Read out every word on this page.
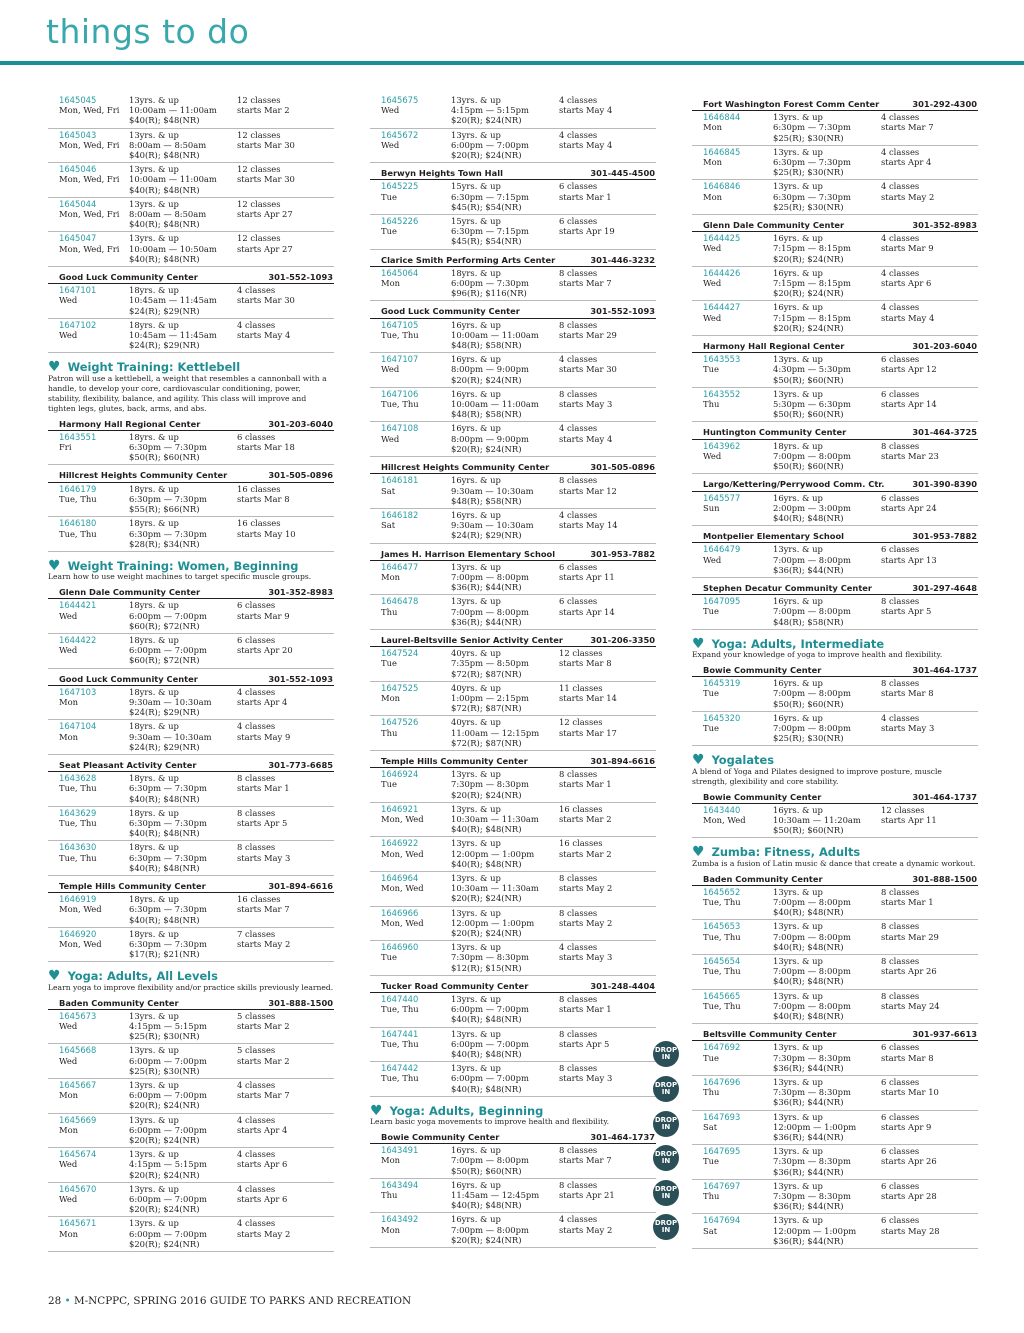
things to do
1645045
Mon, Wed, Fri
13yrs. & up
10:00am — 11:00am
$40(R); $48(NR)
12 classes
starts Mar 2
1645043
Mon, Wed, Fri
13yrs. & up
8:00am — 8:50am
$40(R); $48(NR)
12 classes
starts Mar 30
1645046
Mon, Wed, Fri
13yrs. & up
10:00am — 11:00am
$40(R); $48(NR)
12 classes
starts Mar 30
1645044
Mon, Wed, Fri
13yrs. & up
8:00am — 8:50am
$40(R); $48(NR)
12 classes
starts Apr 27
1645047
Mon, Wed, Fri
13yrs. & up
10:00am — 10:50am
$40(R); $48(NR)
12 classes
starts Apr 27
Good Luck Community Center	301-552-1093
1647101
Wed
18yrs. & up
10:45am — 11:45am
$24(R); $29(NR)
4 classes
starts Mar 30
1647102
Wed
18yrs. & up
10:45am — 11:45am
$24(R); $29(NR)
4 classes
starts May 4
♥ Weight Training: Kettlebell
Patron will use a kettlebell, a weight that resembles a cannonball with a handle, to develop your core, cardiovascular conditioning, power, stability, flexibility, balance, and agility. This class will improve and tighten legs, glutes, back, arms, and abs.
Harmony Hall Regional Center	301-203-6040
1643551
Fri
18yrs. & up
6:30pm — 7:30pm
$50(R); $60(NR)
6 classes
starts Mar 18
Hillcrest Heights Community Center	301-505-0896
1646179
Tue, Thu
18yrs. & up
6:30pm — 7:30pm
$55(R); $66(NR)
16 classes
starts Mar 8
1646180
Tue, Thu
18yrs. & up
6:30pm — 7:30pm
$28(R); $34(NR)
16 classes
starts May 10
♥ Weight Training: Women, Beginning
Learn how to use weight machines to target specific muscle groups.
Glenn Dale Community Center	301-352-8983
1644421
Wed
18yrs. & up
6:00pm — 7:00pm
$60(R); $72(NR)
6 classes
starts Mar 9
1644422
Wed
18yrs. & up
6:00pm — 7:00pm
$60(R); $72(NR)
6 classes
starts Apr 20
Good Luck Community Center	301-552-1093
1647103
Mon
18yrs. & up
9:30am — 10:30am
$24(R); $29(NR)
4 classes
starts Apr 4
1647104
Mon
18yrs. & up
9:30am — 10:30am
$24(R); $29(NR)
4 classes
starts May 9
Seat Pleasant Activity Center	301-773-6685
1643628
Tue, Thu
18yrs. & up
6:30pm — 7:30pm
$40(R); $48(NR)
8 classes
starts Mar 1
1643629
Tue, Thu
18yrs. & up
6:30pm — 7:30pm
$40(R); $48(NR)
8 classes
starts Apr 5
1643630
Tue, Thu
18yrs. & up
6:30pm — 7:30pm
$40(R); $48(NR)
8 classes
starts May 3
Temple Hills Community Center	301-894-6616
1646919
Mon, Wed
18yrs. & up
6:30pm — 7:30pm
$40(R); $48(NR)
16 classes
starts Mar 7
1646920
Mon, Wed
18yrs. & up
6:30pm — 7:30pm
$17(R); $21(NR)
7 classes
starts May 2
♥ Yoga: Adults, All Levels
Learn yoga to improve flexibility and/or practice skills previously learned.
Baden Community Center	301-888-1500
1645673
Wed
13yrs. & up
4:15pm — 5:15pm
$25(R); $30(NR)
5 classes
starts Mar 2
1645668
Wed
13yrs. & up
6:00pm — 7:00pm
$25(R); $30(NR)
5 classes
starts Mar 2
1645667
Mon
13yrs. & up
6:00pm — 7:00pm
$20(R); $24(NR)
4 classes
starts Mar 7
1645669
Mon
13yrs. & up
6:00pm — 7:00pm
$20(R); $24(NR)
4 classes
starts Apr 4
1645674
Wed
13yrs. & up
4:15pm — 5:15pm
$20(R); $24(NR)
4 classes
starts Apr 6
1645670
Wed
13yrs. & up
6:00pm — 7:00pm
$20(R); $24(NR)
4 classes
starts Apr 6
1645671
Mon
13yrs. & up
6:00pm — 7:00pm
$20(R); $24(NR)
4 classes
starts May 2
1645675
Wed
13yrs. & up
4:15pm — 5:15pm
$20(R); $24(NR)
4 classes
starts May 4
1645672
Wed
13yrs. & up
6:00pm — 7:00pm
$20(R); $24(NR)
4 classes
starts May 4
Berwyn Heights Town Hall	301-445-4500
1645225
Tue
15yrs. & up
6:30pm — 7:15pm
$45(R); $54(NR)
6 classes
starts Mar 1
1645226
Tue
15yrs. & up
6:30pm — 7:15pm
$45(R); $54(NR)
6 classes
starts Apr 19
Clarice Smith Performing Arts Center	301-446-3232
1645064
Mon
18yrs. & up
6:00pm — 7:30pm
$96(R); $116(NR)
8 classes
starts Mar 7
Good Luck Community Center	301-552-1093
1647105
Tue, Thu
16yrs. & up
10:00am — 11:00am
$48(R); $58(NR)
8 classes
starts Mar 29
1647107
Wed
16yrs. & up
8:00pm — 9:00pm
$20(R); $24(NR)
4 classes
starts Mar 30
1647106
Tue, Thu
16yrs. & up
10:00am — 11:00am
$48(R); $58(NR)
8 classes
starts May 3
1647108
Wed
16yrs. & up
8:00pm — 9:00pm
$20(R); $24(NR)
4 classes
starts May 4
Hillcrest Heights Community Center	301-505-0896
1646181
Sat
16yrs. & up
9:30am — 10:30am
$48(R); $58(NR)
8 classes
starts Mar 12
1646182
Sat
16yrs. & up
9:30am — 10:30am
$24(R); $29(NR)
4 classes
starts May 14
James H. Harrison Elementary School	301-953-7882
1646477
Mon
13yrs. & up
7:00pm — 8:00pm
$36(R); $44(NR)
6 classes
starts Apr 11
1646478
Thu
13yrs. & up
7:00pm — 8:00pm
$36(R); $44(NR)
6 classes
starts Apr 14
Laurel-Beltsville Senior Activity Center	301-206-3350
1647524
Tue
40yrs. & up
7:35pm — 8:50pm
$72(R); $87(NR)
12 classes
starts Mar 8
1647525
Mon
40yrs. & up
1:00pm — 2:15pm
$72(R); $87(NR)
11 classes
starts Mar 14
1647526
Thu
40yrs. & up
11:00am — 12:15pm
$72(R); $87(NR)
12 classes
starts Mar 17
Temple Hills Community Center	301-894-6616
1646924
Tue
13yrs. & up
7:30pm — 8:30pm
$20(R); $24(NR)
8 classes
starts Mar 1
1646921
Mon, Wed
13yrs. & up
10:30am — 11:30am
$40(R); $48(NR)
16 classes
starts Mar 2
1646922
Mon, Wed
13yrs. & up
12:00pm — 1:00pm
$40(R); $48(NR)
16 classes
starts Mar 2
1646964
Mon, Wed
13yrs. & up
10:30am — 11:30am
$20(R); $24(NR)
8 classes
starts May 2
1646966
Mon, Wed
13yrs. & up
12:00pm — 1:00pm
$20(R); $24(NR)
8 classes
starts May 2
1646960
Tue
13yrs. & up
7:30pm — 8:30pm
$12(R); $15(NR)
4 classes
starts May 3
Tucker Road Community Center	301-248-4404
1647440
Tue, Thu
13yrs. & up
6:00pm — 7:00pm
$40(R); $48(NR)
8 classes
starts Mar 1
1647441
Tue, Thu
13yrs. & up
6:00pm — 7:00pm
$40(R); $48(NR)
8 classes
starts Apr 5
1647442
Tue, Thu
13yrs. & up
6:00pm — 7:00pm
$40(R); $48(NR)
8 classes
starts May 3
♥ Yoga: Adults, Beginning
Learn basic yoga movements to improve health and flexibility.
Bowie Community Center	301-464-1737
1643491
Mon
16yrs. & up
7:00pm — 8:00pm
$50(R); $60(NR)
8 classes
starts Mar 7
1643494
Thu
16yrs. & up
11:45am — 12:45pm
$40(R); $48(NR)
8 classes
starts Apr 21
1643492
Mon
16yrs. & up
7:00pm — 8:00pm
$20(R); $24(NR)
4 classes
starts May 2
Fort Washington Forest Comm Center	301-292-4300
1646844
Mon
13yrs. & up
6:30pm — 7:30pm
$25(R); $30(NR)
4 classes
starts Mar 7
1646845
Mon
13yrs. & up
6:30pm — 7:30pm
$25(R); $30(NR)
4 classes
starts Apr 4
1646846
Mon
13yrs. & up
6:30pm — 7:30pm
$25(R); $30(NR)
4 classes
starts May 2
Glenn Dale Community Center	301-352-8983
1644425
Wed
16yrs. & up
7:15pm — 8:15pm
$20(R); $24(NR)
4 classes
starts Mar 9
1644426
Wed
16yrs. & up
7:15pm — 8:15pm
$20(R); $24(NR)
4 classes
starts Apr 6
1644427
Wed
16yrs. & up
7:15pm — 8:15pm
$20(R); $24(NR)
4 classes
starts May 4
Harmony Hall Regional Center	301-203-6040
1643553
Tue
13yrs. & up
4:30pm — 5:30pm
$50(R); $60(NR)
6 classes
starts Apr 12
1643552
Thu
13yrs. & up
5:30pm — 6:30pm
$50(R); $60(NR)
6 classes
starts Apr 14
Huntington Community Center	301-464-3725
1643962
Wed
18yrs. & up
7:00pm — 8:00pm
$50(R); $60(NR)
8 classes
starts Mar 23
Largo/Kettering/Perrywood Comm. Ctr.	301-390-8390
1645577
Sun
16yrs. & up
2:00pm — 3:00pm
$40(R); $48(NR)
6 classes
starts Apr 24
Montpelier Elementary School	301-953-7882
1646479
Wed
13yrs. & up
7:00pm — 8:00pm
$36(R); $44(NR)
6 classes
starts Apr 13
Stephen Decatur Community Center	301-297-4648
1647095
Tue
16yrs. & up
7:00pm — 8:00pm
$48(R); $58(NR)
8 classes
starts Apr 5
♥ Yoga: Adults, Intermediate
Expand your knowledge of yoga to improve health and flexibility.
Bowie Community Center	301-464-1737
1645319
Tue
16yrs. & up
7:00pm — 8:00pm
$50(R); $60(NR)
8 classes
starts Mar 8
1645320
Tue
16yrs. & up
7:00pm — 8:00pm
$25(R); $30(NR)
4 classes
starts May 3
♥ Yogalates
A blend of Yoga and Pilates designed to improve posture, muscle strength, glexibility and core stability.
Bowie Community Center	301-464-1737
1643440
Mon, Wed
16yrs. & up
10:30am — 11:20am
$50(R); $60(NR)
12 classes
starts Apr 11
♥ Zumba: Fitness, Adults
Zumba is a fusion of Latin music & dance that create a dynamic workout.
Baden Community Center	301-888-1500
1645652
Tue, Thu
13yrs. & up
7:00pm — 8:00pm
$40(R); $48(NR)
8 classes
starts Mar 1
1645653
Tue, Thu
13yrs. & up
7:00pm — 8:00pm
$40(R); $48(NR)
8 classes
starts Mar 29
1645654
Tue, Thu
13yrs. & up
7:00pm — 8:00pm
$40(R); $48(NR)
8 classes
starts Apr 26
1645665
Tue, Thu
13yrs. & up
7:00pm — 8:00pm
$40(R); $48(NR)
8 classes
starts May 24
Beltsville Community Center	301-937-6613
DROP
IN
1647692
Tue
13yrs. & up
7:30pm — 8:30pm
$36(R); $44(NR)
6 classes
starts Mar 8
DROP
IN
1647696
Thu
13yrs. & up
7:30pm — 8:30pm
$36(R); $44(NR)
6 classes
starts Mar 10
DROP
IN
1647693
Sat
13yrs. & up
12:00pm — 1:00pm
$36(R); $44(NR)
6 classes
starts Apr 9
DROP
IN
1647695
Tue
13yrs. & up
7:30pm — 8:30pm
$36(R); $44(NR)
6 classes
starts Apr 26
DROP
IN
1647697
Thu
13yrs. & up
7:30pm — 8:30pm
$36(R); $44(NR)
6 classes
starts Apr 28
DROP
IN
1647694
Sat
13yrs. & up
12:00pm — 1:00pm
$36(R); $44(NR)
6 classes
starts May 28
28 • M-NCPPC, SPRING 2016 GUIDE TO PARKS AND RECREATION
